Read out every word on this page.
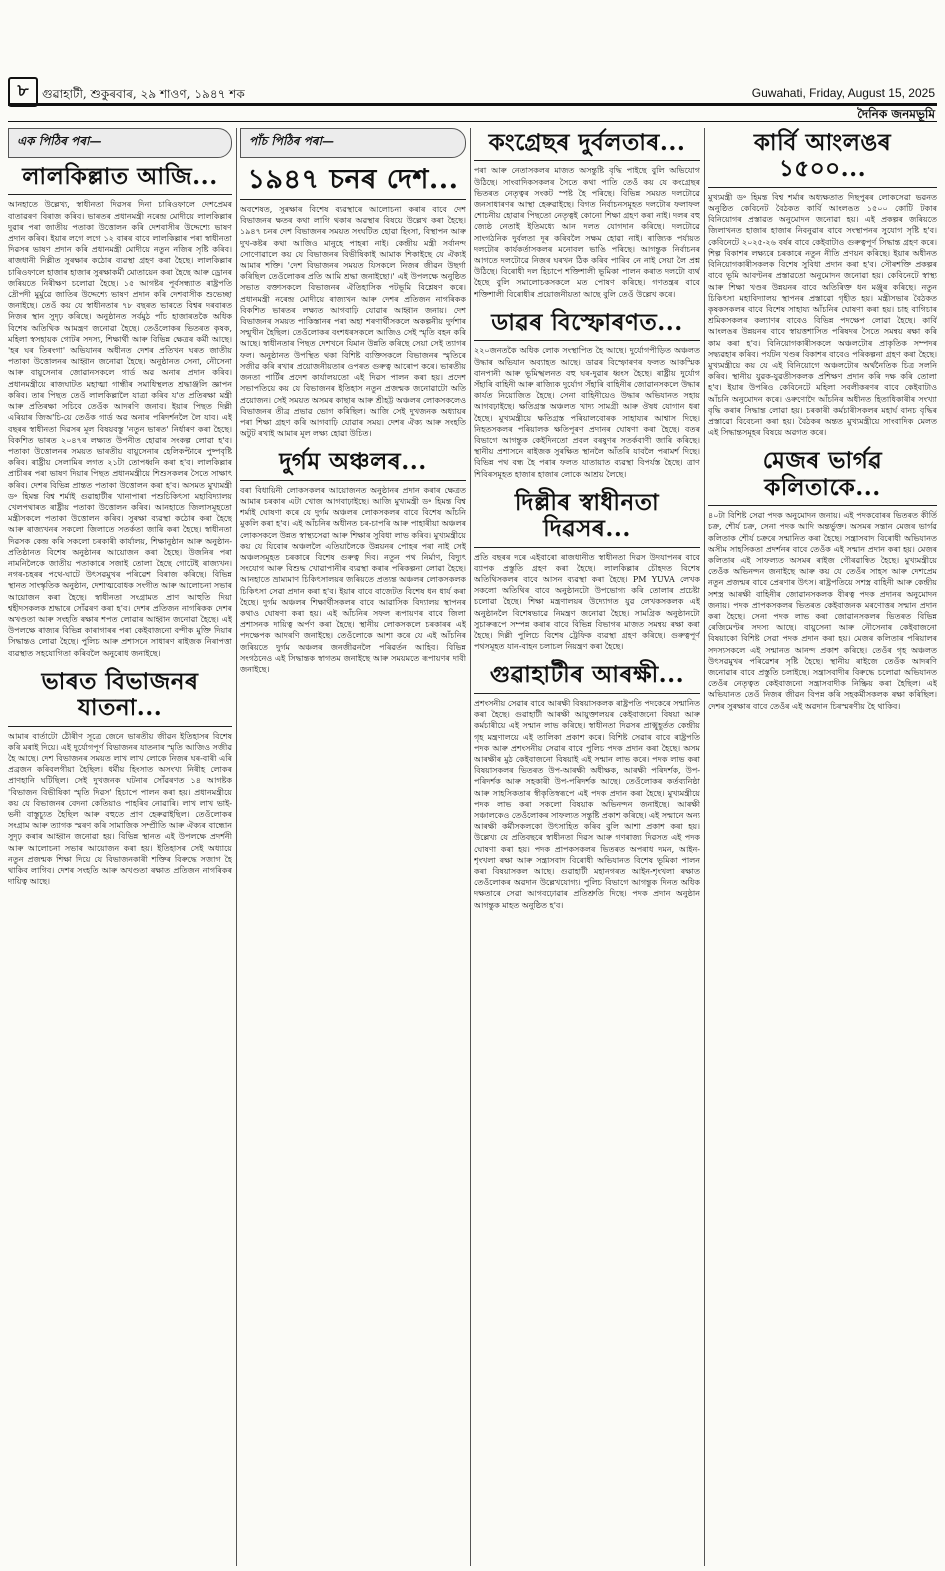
৮	গুৱাহাটী, শুকুৰবাৰ, ২৯ শাওণ, ১৯৪৭ শক	Guwahati, Friday, August 15, 2025
দৈনিক জনমভূমি
এক পিঠিৰ পৰা—
লালকিল্লাত আজি...

আনহাতে উল্লেখ্য, স্বাধীনতা দিৱসৰ দিনা চাৰিওফালে দেশপ্ৰেমৰ বাতাৱৰণ বিৰাজ কৰিব। ভাৰতৰ প্ৰধানমন্ত্ৰী নৰেন্দ্ৰ মোদীয়ে লালকিল্লাৰ দুৱাৰ পৰা জাতীয় পতাকা উত্তোলন কৰি দেশবাসীৰ উদ্দেশ্যে ভাষণ প্ৰদান কৰিব। ইয়াৰ লগে লগে ১২ বাৰৰ বাবে লালকিল্লাৰ পৰা স্বাধীনতা দিৱসৰ ভাষণ প্ৰদান কৰি প্ৰধানমন্ত্ৰী মোদীয়ে নতুন নজিৰ সৃষ্টি কৰিব। ৰাজধানী দিল্লীত সুৰক্ষাৰ কঠোৰ ব্যৱস্থা গ্ৰহণ কৰা হৈছে। লালকিল্লাৰ চাৰিওফালে হাজাৰ হাজাৰ সুৰক্ষাকৰ্মী মোতায়েন কৰা হৈছে আৰু ড্ৰোনৰ জৰিয়তে নিৰীক্ষণ চলোৱা হৈছে। ১৫ আগষ্টৰ পূৰ্বসন্ধ্যাত ৰাষ্ট্ৰপতি দ্ৰৌপদী মুৰ্মুৱে জাতিৰ উদ্দেশ্যে ভাষণ প্ৰদান কৰি দেশবাসীক শুভেচ্ছা জনাইছে। তেওঁ কয় যে স্বাধীনতাৰ ৭৮ বছৰত ভাৰতে বিশ্বৰ দৰবাৰত নিজৰ স্থান সুদৃঢ় কৰিছে। অনুষ্ঠানত সৰ্বমুঠ পাঁচ হাজাৰতকৈ অধিক বিশেষ অতিথিক আমন্ত্ৰণ জনোৱা হৈছে। তেওঁলোকৰ ভিতৰত কৃষক, মহিলা স্বসহায়ক গোটৰ সদস্য, শিক্ষাৰ্থী আৰু বিভিন্ন ক্ষেত্ৰৰ কৰ্মী আছে। 'হৰ ঘৰ তিৰংগা' অভিযানৰ অধীনত দেশৰ প্ৰতিখন ঘৰত জাতীয় পতাকা উত্তোলনৰ আহ্বান জনোৱা হৈছে। অনুষ্ঠানত সেনা, নৌসেনা আৰু বায়ুসেনাৰ জোৱানসকলে গাৰ্ড অৱ অনাৰ প্ৰদান কৰিব। প্ৰধানমন্ত্ৰীয়ে ৰাজঘাটত মহাত্মা গান্ধীৰ সমাধিস্থলত শ্ৰদ্ধাঞ্জলি জ্ঞাপন কৰিব। তাৰ পিছত তেওঁ লালকিল্লালৈ যাত্ৰা কৰিব য'ত প্ৰতিৰক্ষা মন্ত্ৰী আৰু প্ৰতিৰক্ষা সচিবে তেওঁক আদৰণি জনাব। ইয়াৰ পিছত দিল্লী এৰিয়াৰ জিঅ'চি-য়ে তেওঁক গাৰ্ড অৱ অনাৰ পৰিদৰ্শনলৈ লৈ যাব। এই বছৰৰ স্বাধীনতা দিৱসৰ মূল বিষয়বস্তু 'নতুন ভাৰত' নিৰ্ধাৰণ কৰা হৈছে। বিকশিত ভাৰত ২০৪৭ৰ লক্ষ্যত উপনীত হোৱাৰ সংকল্প লোৱা হ'ব। পতাকা উত্তোলনৰ সময়ত ভাৰতীয় বায়ুসেনাৰ হেলিকপ্টাৰে পুষ্পবৃষ্টি কৰিব। ৰাষ্ট্ৰীয় সেলামিৰ লগত ২১টা তোপধ্বনি কৰা হ'ব। লালকিল্লাৰ প্ৰাচীৰৰ পৰা ভাষণ দিয়াৰ পিছত প্ৰধানমন্ত্ৰীয়ে শিশুসকলৰ সৈতে সাক্ষাৎ কৰিব। দেশৰ বিভিন্ন প্ৰান্তত পতাকা উত্তোলন কৰা হ'ব। অসমত মুখ্যমন্ত্ৰী ড॰ হিমন্ত বিশ্ব শৰ্মাই গুৱাহাটীৰ খানাপাৰা পশুচিকিৎসা মহাবিদ্যালয় খেলপথাৰত ৰাষ্ট্ৰীয় পতাকা উত্তোলন কৰিব। আনহাতে জিলাসমূহতো মন্ত্ৰীসকলে পতাকা উত্তোলন কৰিব। সুৰক্ষা ব্যৱস্থা কঠোৰ কৰা হৈছে আৰু ৰাজ্যখনৰ সকলো জিলাতে সতৰ্কতা জাৰি কৰা হৈছে। স্বাধীনতা দিৱসক কেন্দ্ৰ কৰি সকলো চৰকাৰী কাৰ্যালয়, শিক্ষানুষ্ঠান আৰু অনুষ্ঠান-প্ৰতিষ্ঠানত বিশেষ অনুষ্ঠানৰ আয়োজন কৰা হৈছে। উজনিৰ পৰা নামনিলৈকে জাতীয় পতাকাৰে সজাই তোলা হৈছে গোটেই ৰাজ্যখন। নগৰ-চহৰৰ পথে-ঘাটে উৎসৱমুখৰ পৰিৱেশ বিৰাজ কৰিছে। বিভিন্ন স্থানত সাংস্কৃতিক অনুষ্ঠান, দেশাত্মবোধক সংগীত আৰু আলোচনা সভাৰ আয়োজন কৰা হৈছে। স্বাধীনতা সংগ্ৰামত প্ৰাণ আহুতি দিয়া শ্বহীদসকলক শ্ৰদ্ধাৰে সোঁৱৰণ কৰা হ'ব। দেশৰ প্ৰতিজন নাগৰিকক দেশৰ অখণ্ডতা আৰু সংহতি ৰক্ষাৰ শপত লোৱাৰ আহ্বান জনোৱা হৈছে। এই উপলক্ষে ৰাজ্যৰ বিভিন্ন কাৰাগাৰৰ পৰা কেইবাজনো বন্দীক মুক্তি দিয়াৰ সিদ্ধান্তও লোৱা হৈছে। পুলিচ আৰু প্ৰশাসনে সাধাৰণ ৰাইজক নিৰাপত্তা ব্যৱস্থাত সহযোগিতা কৰিবলৈ অনুৰোধ জনাইছে।

ভাৰত বিভাজনৰ যাতনা...

আমাৰ বাৰ্তাটো ঠৌৰীণ সূত্ৰে জেনে ভাৰতীয় জীৱন ইতিহাসৰ বিশেষ কৰি মৰাই দিয়ে। এই দুৰ্যোগপূৰ্ণ বিভাজনৰ যাতনাৰ স্মৃতি আজিও সজীৱ হৈ আছে। দেশ বিভাজনৰ সময়ত লাখ লাখ লোকে নিজৰ ঘৰ-বাৰী এৰি প্ৰব্ৰজন কৰিবলগীয়া হৈছিল। ধৰ্মীয় হিংসাত অসংখ্য নিৰীহ লোকৰ প্ৰাণহানি ঘটিছিল। সেই দুখজনক ঘটনাৰ সোঁৱৰণত ১৪ আগষ্টক 'বিভাজন বিভীষিকা স্মৃতি দিৱস' হিচাপে পালন কৰা হয়। প্ৰধানমন্ত্ৰীয়ে কয় যে বিভাজনৰ বেদনা কেতিয়াও পাহৰিব নোৱাৰি। লাখ লাখ ভাই-ভনী বাস্তুচ্যুত হৈছিল আৰু বহুতে প্ৰাণ হেৰুৱাইছিল। তেওঁলোকৰ সংগ্ৰাম আৰু ত্যাগক স্মৰণ কৰি সামাজিক সম্প্ৰীতি আৰু ঐক্যৰ বান্ধোন সুদৃঢ় কৰাৰ আহ্বান জনোৱা হয়। বিভিন্ন স্থানত এই উপলক্ষে প্ৰদৰ্শনী আৰু আলোচনা সভাৰ আয়োজন কৰা হয়। ইতিহাসৰ সেই অধ্যায়ে নতুন প্ৰজন্মক শিক্ষা দিয়ে যে বিভাজনকাৰী শক্তিৰ বিৰুদ্ধে সজাগ হৈ থাকিব লাগিব। দেশৰ সংহতি আৰু অখণ্ডতা ৰক্ষাত প্ৰতিজন নাগৰিকৰ দায়িত্ব আছে।

পাঁচ পিঠিৰ পৰা—
১৯৪৭ চনৰ দেশ...

অবশেষত, সুৰক্ষাৰ বিশেষ ব্যৱস্থাৰে আলোচনা কৰাৰ বাবে দেশ বিভাজনৰ ক্ষতৰ কথা লাগি থকাৰ অৱস্থাৰ বিষয়ে উল্লেখ কৰা হৈছে। ১৯৪৭ চনৰ দেশ বিভাজনৰ সময়ত সংঘটিত হোৱা হিংসা, বিস্থাপন আৰু দুখ-কষ্টৰ কথা আজিও মানুহে পাহৰা নাই। কেন্দ্ৰীয় মন্ত্ৰী সৰ্বানন্দ সোণোৱালে কয় যে বিভাজনৰ বিভীষিকাই আমাক শিকাইছে যে ঐক্যই আমাৰ শক্তি। 'দেশ বিভাজনৰ সময়ত যিসকলে নিজৰ জীৱন উছৰ্গা কৰিছিল তেওঁলোকৰ প্ৰতি আমি শ্ৰদ্ধা জনাইছো।' এই উপলক্ষে অনুষ্ঠিত সভাত বক্তাসকলে বিভাজনৰ ঐতিহাসিক পটভূমি বিশ্লেষণ কৰে। প্ৰধানমন্ত্ৰী নৰেন্দ্ৰ মোদীয়ে ৰাজ্যখন আৰু দেশৰ প্ৰতিজন নাগৰিকক বিকশিত ভাৰতৰ লক্ষ্যত আগবাঢ়ি যোৱাৰ আহ্বান জনায়। দেশ বিভাজনৰ সময়ত পাকিস্তানৰ পৰা অহা শৰণাৰ্থীসকলে অকল্পনীয় দুৰ্দশাৰ সন্মুখীন হৈছিল। তেওঁলোকৰ বংশধৰসকলে আজিও সেই স্মৃতি বহন কৰি আছে। স্বাধীনতাৰ পিছত দেশখনে যিমান উন্নতি কৰিছে সেয়া সেই ত্যাগৰ ফল। অনুষ্ঠানত উপস্থিত থকা বিশিষ্ট ব্যক্তিসকলে বিভাজনৰ স্মৃতিৰে সজীৱ কৰি ৰখাৰ প্ৰয়োজনীয়তাৰ ওপৰত গুৰুত্ব আৰোপ কৰে। ভাৰতীয় জনতা পাৰ্টিৰ প্ৰদেশ কাৰ্যালয়তো এই দিৱস পালন কৰা হয়। প্ৰদেশ সভাপতিয়ে কয় যে বিভাজনৰ ইতিহাস নতুন প্ৰজন্মক জনোৱাটো অতি প্ৰয়োজন। সেই সময়ত অসমৰ কাছাৰ আৰু শ্ৰীহট্ট অঞ্চলৰ লোকসকলেও বিভাজনৰ তীব্ৰ প্ৰভাৱ ভোগ কৰিছিল। আজি সেই দুখজনক অধ্যায়ৰ পৰা শিক্ষা গ্ৰহণ কৰি আগবাঢ়ি যোৱাৰ সময়। দেশৰ ঐক্য আৰু সংহতি অটুট ৰখাই আমাৰ মূল লক্ষ্য হোৱা উচিত।

দুৰ্গম অঞ্চলৰ...

বৰা বিধায়িনী লোকসকলৰ আয়োজনত অনুষ্ঠানৰ প্ৰদান কৰাৰ ক্ষেত্ৰত আমাৰ চৰকাৰ এটা খোজ আগবাঢ়াইছে। আজি মুখ্যমন্ত্ৰী ড॰ হিমন্ত বিশ্ব শৰ্মাই ঘোষণা কৰে যে দুৰ্গম অঞ্চলৰ লোকসকলৰ বাবে বিশেষ আঁচনি মুকলি কৰা হ'ব। এই আঁচনিৰ অধীনত চৰ-চাপৰি আৰু পাহাৰীয়া অঞ্চলৰ লোকসকলে উন্নত স্বাস্থ্যসেৱা আৰু শিক্ষাৰ সুবিধা লাভ কৰিব। মুখ্যমন্ত্ৰীয়ে কয় যে যিবোৰ অঞ্চললৈ এতিয়ালৈকে উন্নয়নৰ পোহৰ পৰা নাই সেই অঞ্চলসমূহত চৰকাৰে বিশেষ গুৰুত্ব দিব। নতুন পথ নিৰ্মাণ, বিদ্যুৎ সংযোগ আৰু বিশুদ্ধ খোৱাপানীৰ ব্যৱস্থা কৰাৰ পৰিকল্পনা লোৱা হৈছে। আনহাতে ভ্ৰাম্যমাণ চিকিৎসালয়ৰ জৰিয়তে প্ৰত্যন্ত অঞ্চলৰ লোকসকলক চিকিৎসা সেৱা প্ৰদান কৰা হ'ব। ইয়াৰ বাবে বাজেটত বিশেষ ধন ধাৰ্য কৰা হৈছে। দুৰ্গম অঞ্চলৰ শিক্ষাৰ্থীসকলৰ বাবে আৱাসিক বিদ্যালয় স্থাপনৰ কথাও ঘোষণা কৰা হয়। এই আঁচনিৰ সফল ৰূপায়ণৰ বাবে জিলা প্ৰশাসনক দায়িত্ব অৰ্পণ কৰা হৈছে। স্থানীয় লোকসকলে চৰকাৰৰ এই পদক্ষেপক আদৰণি জনাইছে। তেওঁলোকে আশা কৰে যে এই আঁচনিৰ জৰিয়তে দুৰ্গম অঞ্চলৰ জনজীৱনলৈ পৰিৱৰ্তন আহিব। বিভিন্ন সংগঠনেও এই সিদ্ধান্তক স্বাগতম জনাইছে আৰু সময়মতে ৰূপায়ণৰ দাবী জনাইছে।

কংগ্ৰেছৰ দুৰ্বলতাৰ...

পৰা আৰু নেতাসকলৰ মাজত অসন্তুষ্টি বৃদ্ধি পাইছে বুলি অভিযোগ উঠিছে। সাংবাদিকসকলৰ সৈতে কথা পাতি তেওঁ কয় যে কংগ্ৰেছৰ ভিতৰত নেতৃত্বৰ সংকট স্পষ্ট হৈ পৰিছে। বিভিন্ন সময়ত দলটোৱে জনসাধাৰণৰ আস্থা হেৰুৱাইছে। বিগত নিৰ্বাচনসমূহত দলটোৰ ফলাফল শোচনীয় হোৱাৰ পিছতো নেতৃত্বই কোনো শিক্ষা গ্ৰহণ কৰা নাই। দলৰ বহু জ্যেষ্ঠ নেতাই ইতিমধ্যে আন দলত যোগদান কৰিছে। দলটোৱে সাংগঠনিক দুৰ্বলতা দূৰ কৰিবলৈ সক্ষম হোৱা নাই। ৰাজ্যিক পৰ্যায়ত দলটোৰ কাৰ্যকৰ্তাসকলৰ মনোবল ভাঙি পৰিছে। আগন্তুক নিৰ্বাচনৰ আগতে দলটোৱে নিজৰ ঘৰখন ঠিক কৰিব পাৰিব নে নাই সেয়া লৈ প্ৰশ্ন উঠিছে। বিৰোধী দল হিচাপে শক্তিশালী ভূমিকা পালন কৰাত দলটো ব্যৰ্থ হৈছে বুলি সমালোচকসকলে মত পোষণ কৰিছে। গণতন্ত্ৰৰ বাবে শক্তিশালী বিৰোধীৰ প্ৰয়োজনীয়তা আছে বুলি তেওঁ উল্লেখ কৰে।

ডাৱৰ বিস্ফোৰণত...

২২০জনতকৈ অধিক লোক সংস্থাপিত হৈ আছে। দুৰ্যোগপীড়িত অঞ্চলত উদ্ধাৰ অভিযান অব্যাহত আছে। ডাৱৰ বিস্ফোৰণৰ ফলত আকস্মিক বানপানী আৰু ভূমিস্খলনত বহু ঘৰ-দুৱাৰ ধ্বংস হৈছে। ৰাষ্ট্ৰীয় দুৰ্যোগ সঁহাৰি বাহিনী আৰু ৰাজ্যিক দুৰ্যোগ সঁহাৰি বাহিনীৰ জোৱানসকলে উদ্ধাৰ কাৰ্যত নিয়োজিত হৈছে। সেনা বাহিনীয়েও উদ্ধাৰ অভিযানত সহায় আগবঢ়াইছে। ক্ষতিগ্ৰস্ত অঞ্চলত খাদ্য সামগ্ৰী আৰু ঔষধ যোগান ধৰা হৈছে। মুখ্যমন্ত্ৰীয়ে ক্ষতিগ্ৰস্ত পৰিয়ালবোৰক সাহায্যৰ আশ্বাস দিছে। নিহতসকলৰ পৰিয়ালক ক্ষতিপূৰণ প্ৰদানৰ ঘোষণা কৰা হৈছে। বতৰ বিভাগে আগন্তুক কেইদিনতো প্ৰবল বৰষুণৰ সতৰ্কবাণী জাৰি কৰিছে। স্থানীয় প্ৰশাসনে ৰাইজক সুৰক্ষিত স্থানলৈ আঁতৰি যাবলৈ পৰামৰ্শ দিছে। বিভিন্ন পথ বন্ধ হৈ পৰাৰ ফলত যাতায়াত ব্যৱস্থা বিপৰ্যস্ত হৈছে। ত্ৰাণ শিবিৰসমূহত হাজাৰ হাজাৰ লোকে আশ্ৰয় লৈছে।

দিল্লীৰ স্বাধীনতা দিৱসৰ...

প্ৰতি বছৰৰ দৰে এইবাৰো ৰাজধানীত স্বাধীনতা দিৱস উদযাপনৰ বাবে ব্যাপক প্ৰস্তুতি গ্ৰহণ কৰা হৈছে। লালকিল্লাৰ চৌহদত বিশেষ অতিথিসকলৰ বাবে আসন ব্যৱস্থা কৰা হৈছে। PM YUVA লেখক সকলো অতিথিৰ বাবে অনুষ্ঠানটো উপভোগ্য কৰি তোলাৰ প্ৰচেষ্টা চলোৱা হৈছে। শিক্ষা মন্ত্ৰণালয়ৰ উদ্যোগত যুৱ লেখকসকলক এই অনুষ্ঠানলৈ বিশেষভাৱে নিমন্ত্ৰণ জনোৱা হৈছে। সামগ্ৰিক অনুষ্ঠানটো সুচাৰুৰূপে সম্পন্ন কৰাৰ বাবে বিভিন্ন বিভাগৰ মাজত সমন্বয় ৰক্ষা কৰা হৈছে। দিল্লী পুলিচে বিশেষ ট্ৰেফিক ব্যৱস্থা গ্ৰহণ কৰিছে। গুৰুত্বপূৰ্ণ পথসমূহত যান-বাহন চলাচল নিয়ন্ত্ৰণ কৰা হৈছে।

গুৱাহাটীৰ আৰক্ষী...

প্ৰশংসনীয় সেৱাৰ বাবে আৰক্ষী বিষয়াসকলক ৰাষ্ট্ৰপতি পদকেৰে সন্মানিত কৰা হৈছে। গুৱাহাটী আৰক্ষী আয়ুক্তালয়ৰ কেইবাজনো বিষয়া আৰু কৰ্মচাৰীয়ে এই সন্মান লাভ কৰিছে। স্বাধীনতা দিৱসৰ প্ৰাক্মুহূৰ্তত কেন্দ্ৰীয় গৃহ মন্ত্ৰণালয়ে এই তালিকা প্ৰকাশ কৰে। বিশিষ্ট সেৱাৰ বাবে ৰাষ্ট্ৰপতি পদক আৰু প্ৰশংসনীয় সেৱাৰ বাবে পুলিচ পদক প্ৰদান কৰা হৈছে। অসম আৰক্ষীৰ মুঠ কেইবাজনো বিষয়াই এই সন্মান লাভ কৰে। পদক লাভ কৰা বিষয়াসকলৰ ভিতৰত উপ-আৰক্ষী অধীক্ষক, আৰক্ষী পৰিদৰ্শক, উপ-পৰিদৰ্শক আৰু সহকাৰী উপ-পৰিদৰ্শক আছে। তেওঁলোকৰ কৰ্তব্যনিষ্ঠা আৰু সাহসিকতাৰ স্বীকৃতিস্বৰূপে এই পদক প্ৰদান কৰা হৈছে। মুখ্যমন্ত্ৰীয়ে পদক লাভ কৰা সকলো বিষয়াক অভিনন্দন জনাইছে। আৰক্ষী সঞ্চালকেও তেওঁলোকৰ সাফল্যত সন্তুষ্টি প্ৰকাশ কৰিছে। এই সন্মানে অন্য আৰক্ষী কৰ্মীসকলকো উৎসাহিত কৰিব বুলি আশা প্ৰকাশ কৰা হয়। উল্লেখ্য যে প্ৰতিবছৰে স্বাধীনতা দিৱস আৰু গণৰাজ্য দিৱসত এই পদক ঘোষণা কৰা হয়। পদক প্ৰাপকসকলৰ ভিতৰত অপৰাধ দমন, আইন-শৃংখলা ৰক্ষা আৰু সন্ত্ৰাসবাদ বিৰোধী অভিযানত বিশেষ ভূমিকা পালন কৰা বিষয়াসকল আছে। গুৱাহাটী মহানগৰত আইন-শৃংখলা ৰক্ষাত তেওঁলোকৰ অৱদান উল্লেখযোগ্য। পুলিচ বিভাগে আগন্তুক দিনত অধিক দক্ষতাৰে সেৱা আগবঢ়োৱাৰ প্ৰতিশ্ৰুতি দিছে। পদক প্ৰদান অনুষ্ঠান আগন্তুক মাহত অনুষ্ঠিত হ'ব।

কাৰ্বি আংলঙৰ ১৫০০...

মুখ্যমন্ত্ৰী ড॰ হিমন্ত বিশ্ব শৰ্মাৰ অধ্যক্ষতাত দিছপুৰৰ লোকসেৱা ভৱনত অনুষ্ঠিত কেবিনেট বৈঠকত কাৰ্বি আংলঙত ১৫০০ কোটি টকাৰ বিনিয়োগৰ প্ৰস্তাৱত অনুমোদন জনোৱা হয়। এই প্ৰকল্পৰ জৰিয়তে জিলাখনত হাজাৰ হাজাৰ নিবনুৱাৰ বাবে সংস্থাপনৰ সুযোগ সৃষ্টি হ'ব। কেবিনেটে ২০২৫-২৬ বৰ্ষৰ বাবে কেইবাটাও গুৰুত্বপূৰ্ণ সিদ্ধান্ত গ্ৰহণ কৰে। শিল্প বিকাশৰ লক্ষ্যৰে চৰকাৰে নতুন নীতি প্ৰণয়ন কৰিছে। ইয়াৰ অধীনত বিনিয়োগকাৰীসকলক বিশেষ সুবিধা প্ৰদান কৰা হ'ব। সৌৰশক্তি প্ৰকল্পৰ বাবে ভূমি আবণ্টনৰ প্ৰস্তাৱতো অনুমোদন জনোৱা হয়। কেবিনেটে স্বাস্থ্য আৰু শিক্ষা খণ্ডৰ উন্নয়নৰ বাবে অতিৰিক্ত ধন মঞ্জুৰ কৰিছে। নতুন চিকিৎসা মহাবিদ্যালয় স্থাপনৰ প্ৰস্তাৱো গৃহীত হয়। মন্ত্ৰীসভাৰ বৈঠকত কৃষকসকলৰ বাবে বিশেষ সাহায্য আঁচনিৰ ঘোষণা কৰা হয়। চাহ বাগিচাৰ শ্ৰমিকসকলৰ কল্যাণৰ বাবেও বিভিন্ন পদক্ষেপ লোৱা হৈছে। কাৰ্বি আংলঙৰ উন্নয়নৰ বাবে স্বায়ত্তশাসিত পৰিষদৰ সৈতে সমন্বয় ৰক্ষা কৰি কাম কৰা হ'ব। বিনিয়োগকাৰীসকলে অঞ্চলটোৰ প্ৰাকৃতিক সম্পদৰ সদ্ব্যৱহাৰ কৰিব। পৰ্যটন খণ্ডৰ বিকাশৰ বাবেও পৰিকল্পনা গ্ৰহণ কৰা হৈছে। মুখ্যমন্ত্ৰীয়ে কয় যে এই বিনিয়োগে অঞ্চলটোৰ অৰ্থনৈতিক চিত্ৰ সলনি কৰিব। স্থানীয় যুৱক-যুৱতীসকলক প্ৰশিক্ষণ প্ৰদান কৰি দক্ষ কৰি তোলা হ'ব। ইয়াৰ উপৰিও কেবিনেটে মহিলা সবলীকৰণৰ বাবে কেইবাটাও আঁচনি অনুমোদন কৰে। ওৰুণোদৈ আঁচনিৰ অধীনত হিতাধিকাৰীৰ সংখ্যা বৃদ্ধি কৰাৰ সিদ্ধান্ত লোৱা হয়। চৰকাৰী কৰ্মচাৰীসকলৰ মহাৰ্ঘ বানচ বৃদ্ধিৰ প্ৰস্তাৱো বিবেচনা কৰা হয়। বৈঠকৰ অন্তত মুখ্যমন্ত্ৰীয়ে সাংবাদিক মেলত এই সিদ্ধান্তসমূহৰ বিষয়ে অৱগত কৰে।

মেজৰ ভাৰ্গৱ কলিতাকে...

৪০টা বিশিষ্ট সেৱা পদক অনুমোদন জনায়। এই পদকবোৰৰ ভিতৰত কীৰ্তি চক্ৰ, শৌৰ্য চক্ৰ, সেনা পদক আদি অন্তৰ্ভুক্ত। অসমৰ সন্তান মেজৰ ভাৰ্গৱ কলিতাক শৌৰ্য চক্ৰৰে সন্মানিত কৰা হৈছে। সন্ত্ৰাসবাদ বিৰোধী অভিযানত অসীম সাহসিকতা প্ৰদৰ্শনৰ বাবে তেওঁক এই সন্মান প্ৰদান কৰা হয়। মেজৰ কলিতাৰ এই সাফল্যত অসমৰ ৰাইজ গৌৰৱান্বিত হৈছে। মুখ্যমন্ত্ৰীয়ে তেওঁক অভিনন্দন জনাইছে আৰু কয় যে তেওঁৰ সাহস আৰু দেশপ্ৰেম নতুন প্ৰজন্মৰ বাবে প্ৰেৰণাৰ উৎস। ৰাষ্ট্ৰপতিয়ে সশস্ত্ৰ বাহিনী আৰু কেন্দ্ৰীয় সশস্ত্ৰ আৰক্ষী বাহিনীৰ জোৱানসকলক বীৰত্ব পদক প্ৰদানৰ অনুমোদন জনায়। পদক প্ৰাপকসকলৰ ভিতৰত কেইবাজনক মৰণোত্তৰ সন্মান প্ৰদান কৰা হৈছে। সেনা পদক লাভ কৰা জোৱানসকলৰ ভিতৰত বিভিন্ন ৰেজিমেণ্টৰ সদস্য আছে। বায়ুসেনা আৰু নৌসেনাৰ কেইবাজনো বিষয়াকো বিশিষ্ট সেৱা পদক প্ৰদান কৰা হয়। মেজৰ কলিতাৰ পৰিয়ালৰ সদস্যসকলে এই সন্মানত আনন্দ প্ৰকাশ কৰিছে। তেওঁৰ গৃহ অঞ্চলত উৎসৱমুখৰ পৰিৱেশৰ সৃষ্টি হৈছে। স্থানীয় ৰাইজে তেওঁক আদৰণি জনোৱাৰ বাবে প্ৰস্তুতি চলাইছে। সন্ত্ৰাসবাদীৰ বিৰুদ্ধে চলোৱা অভিযানত তেওঁৰ নেতৃত্বত কেইবাজনো সন্ত্ৰাসবাদীক নিষ্ক্ৰিয় কৰা হৈছিল। এই অভিযানত তেওঁ নিজৰ জীৱন বিপন্ন কৰি সহকৰ্মীসকলক ৰক্ষা কৰিছিল। দেশৰ সুৰক্ষাৰ বাবে তেওঁৰ এই অৱদান চিৰস্মৰণীয় হৈ থাকিব।
